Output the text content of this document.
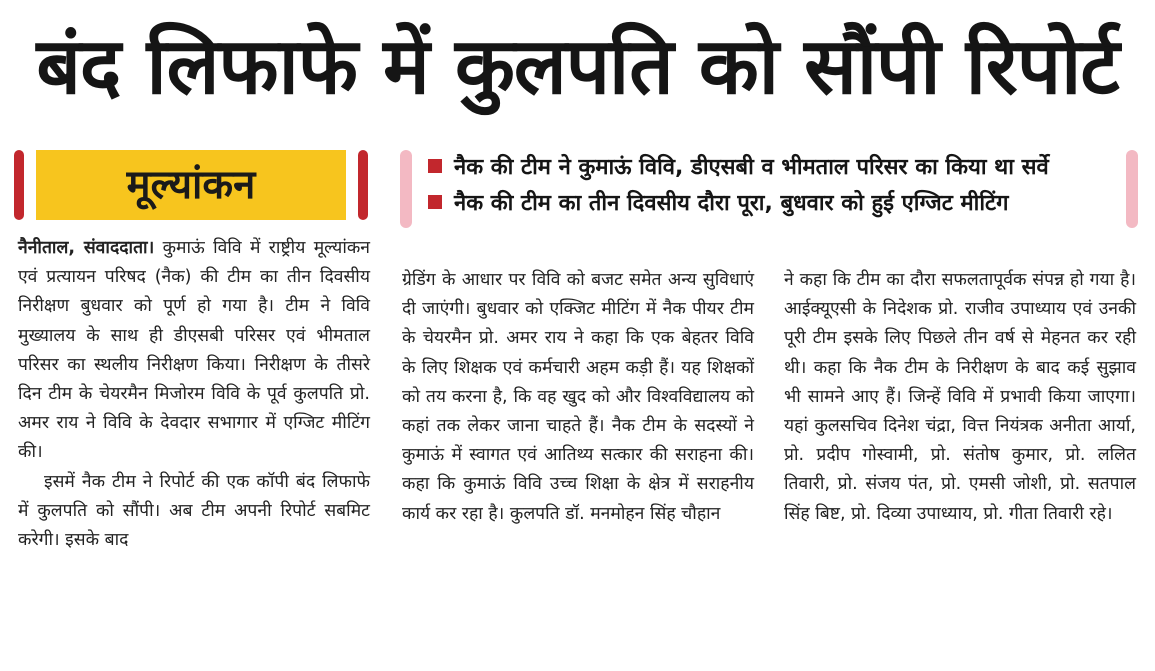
बंद लिफाफे में कुलपति को सौंपी रिपोर्ट
मूल्यांकन	नैक की टीम ने कुमाऊं विवि, डीएसबी व भीमताल परिसर का किया था सर्वे
नैक की टीम का तीन दिवसीय दौरा पूरा, बुधवार को हुई एग्जिट मीटिंग

नैनीताल, संवाददाता। कुमाऊं विवि में राष्ट्रीय मूल्यांकन एवं प्रत्यायन परिषद (नैक) की टीम का तीन दिवसीय निरीक्षण बुधवार को पूर्ण हो गया है। टीम ने विवि मुख्यालय के साथ ही डीएसबी परिसर एवं भीमताल परिसर का स्थलीय निरीक्षण किया। निरीक्षण के तीसरे दिन टीम के चेयरमैन मिजोरम विवि के पूर्व कुलपति प्रो. अमर राय ने विवि के देवदार सभागार में एग्जिट मीटिंग की।

इसमें नैक टीम ने रिपोर्ट की एक कॉपी बंद लिफाफे में कुलपति को सौंपी। अब टीम अपनी रिपोर्ट सबमिट करेगी। इसके बाद

ग्रेडिंग के आधार पर विवि को बजट समेत अन्य सुविधाएं दी जाएंगी। बुधवार को एक्जिट मीटिंग में नैक पीयर टीम के चेयरमैन प्रो. अमर राय ने कहा कि एक बेहतर विवि के लिए शिक्षक एवं कर्मचारी अहम कड़ी हैं। यह शिक्षकों को तय करना है, कि वह खुद को और विश्वविद्यालय को कहां तक लेकर जाना चाहते हैं। नैक टीम के सदस्यों ने कुमाऊं में स्वागत एवं आतिथ्य सत्कार की सराहना की। कहा कि कुमाऊं विवि उच्च शिक्षा के क्षेत्र में सराहनीय कार्य कर रहा है। कुलपति डॉ. मनमोहन सिंह चौहान

ने कहा कि टीम का दौरा सफलतापूर्वक संपन्न हो गया है। आईक्यूएसी के निदेशक प्रो. राजीव उपाध्याय एवं उनकी पूरी टीम इसके लिए पिछले तीन वर्ष से मेहनत कर रही थी। कहा कि नैक टीम के निरीक्षण के बाद कई सुझाव भी सामने आए हैं। जिन्हें विवि में प्रभावी किया जाएगा। यहां कुलसचिव दिनेश चंद्रा, वित्त नियंत्रक अनीता आर्या, प्रो. प्रदीप गोस्वामी, प्रो. संतोष कुमार, प्रो. ललित तिवारी, प्रो. संजय पंत, प्रो. एमसी जोशी, प्रो. सतपाल सिंह बिष्ट, प्रो. दिव्या उपाध्याय, प्रो. गीता तिवारी रहे।
